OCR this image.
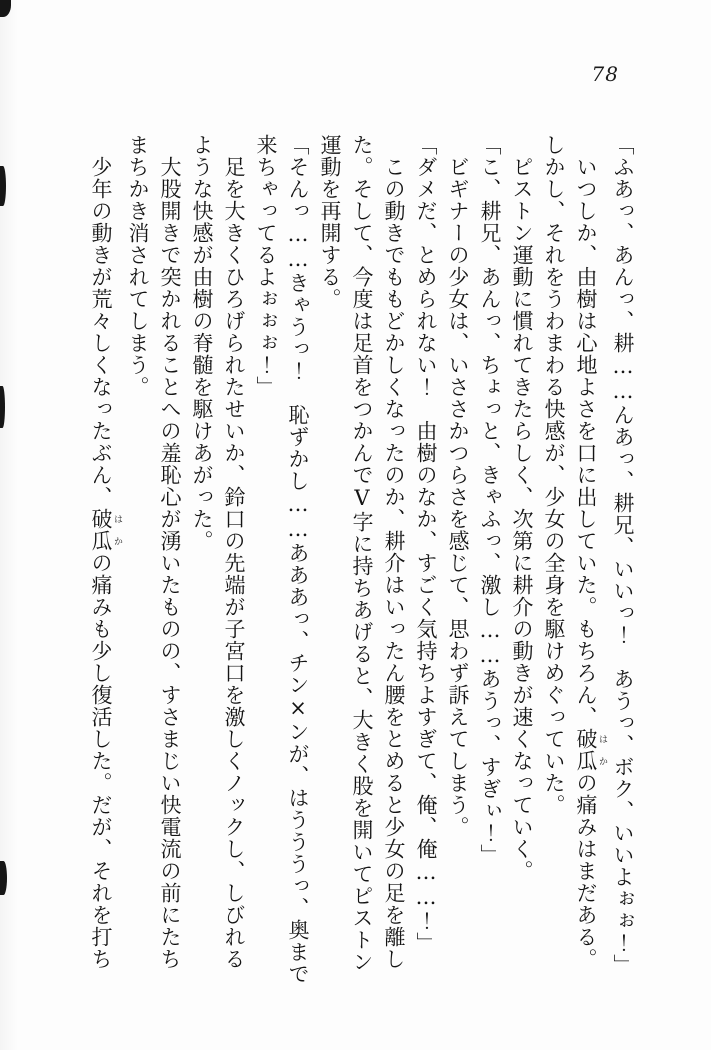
78
「ふあっ、あんっ、耕……んあっ、耕兄、いいっ！　あうっ、ボク、いいよぉぉ！」
いつしか、由樹は心地よさを口に出していた。もちろん、破瓜 はかの痛みはまだある。
しかし、それをうわまわる快感が、少女の全身を駆けめぐっていた。
ピストン運動に慣れてきたらしく、次第に耕介の動きが速くなっていく。
「こ、耕兄、あんっ、ちょっと、きゃふっ、激し……あうっ、すぎぃ！」
ビギナーの少女は、いささかつらさを感じて、思わず訴えてしまう。
「ダメだ、とめられない！　由樹のなか、すごく気持ちよすぎて、俺、俺……！」
この動きでももどかしくなったのか、耕介はいったん腰をとめると少女の足を離し
た。そして、今度は足首をつかんでV字に持ちあげると、大きく股を開いてピストン
運動を再開する。
「そんっ……きゃうっ！　恥ずかし……あああっ、チン×ンが、はうううっ、奥まで
来ちゃってるよぉぉぉ！」
足を大きくひろげられたせいか、鈴口の先端が子宮口を激しくノックし、しびれる
ような快感が由樹の脊髄を駆けあがった。
大股開きで突かれることへの羞恥心が湧いたものの、すさまじい快電流の前にたち
まちかき消されてしまう。
少年の動きが荒々しくなったぶん、破瓜 はかの痛みも少し復活した。だが、それを打ち
